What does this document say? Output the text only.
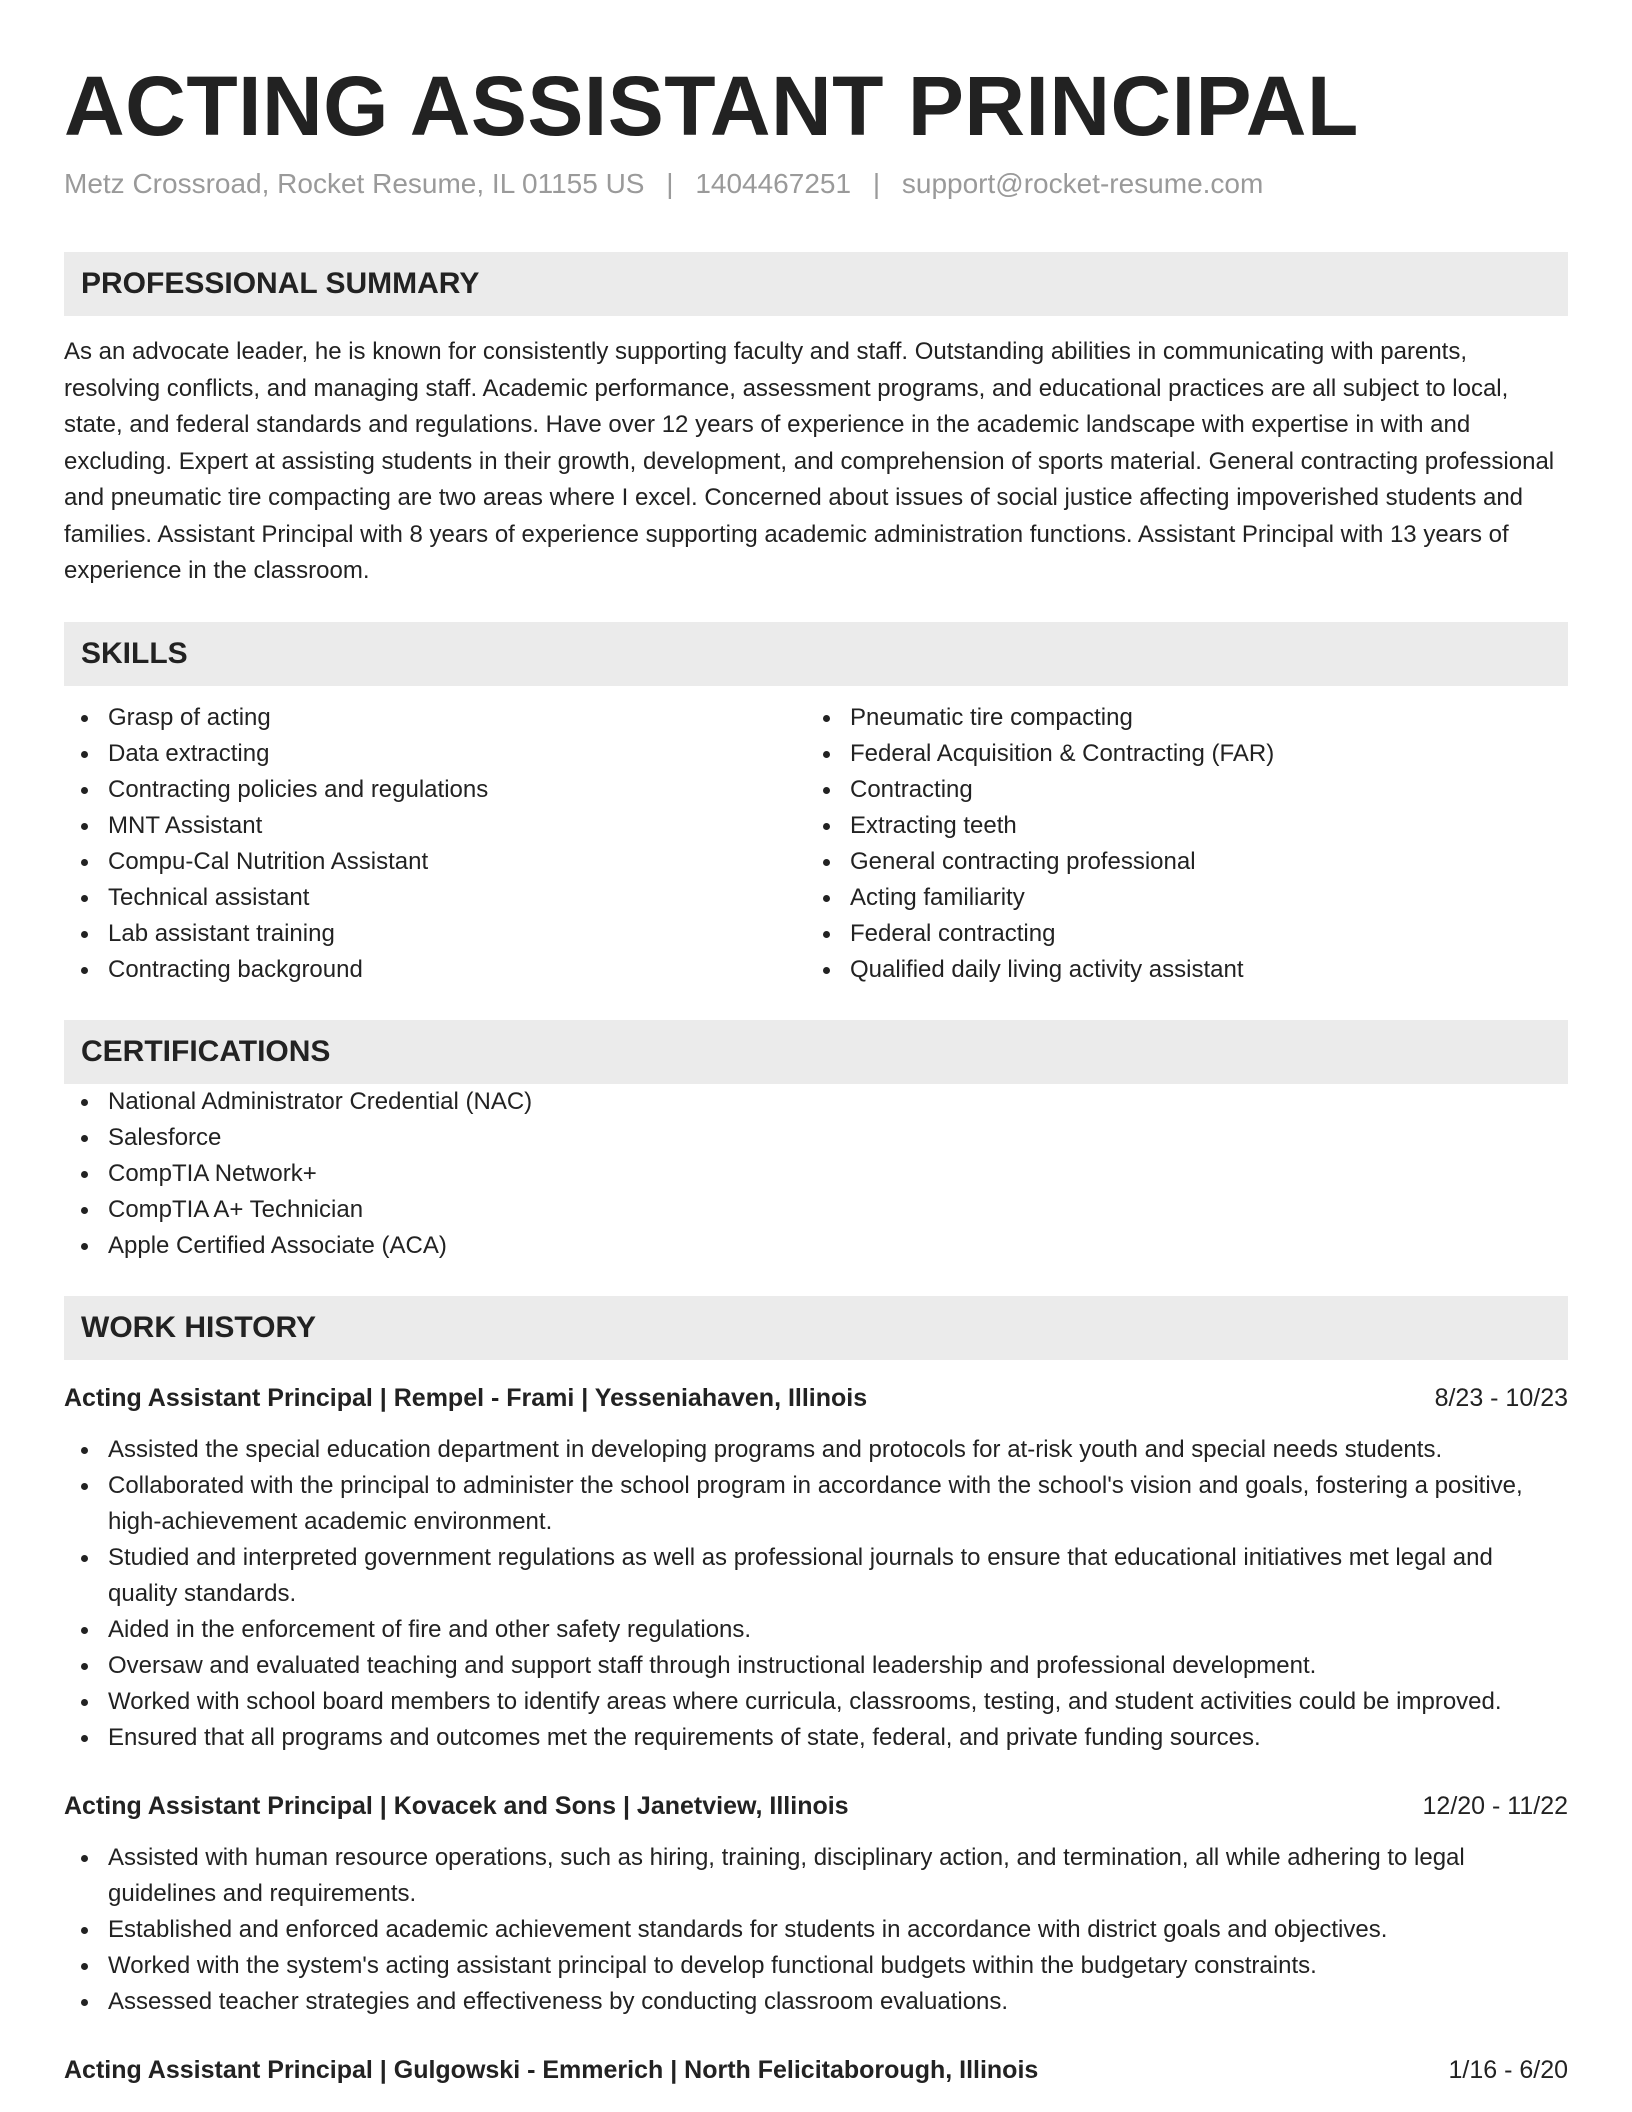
ACTING ASSISTANT PRINCIPAL
Metz Crossroad, Rocket Resume, IL 01155 US | 1404467251 | support@rocket-resume.com
PROFESSIONAL SUMMARY

As an advocate leader, he is known for consistently supporting faculty and staff. Outstanding abilities in communicating with parents, resolving conflicts, and managing staff. Academic performance, assessment programs, and educational practices are all subject to local, state, and federal standards and regulations. Have over 12 years of experience in the academic landscape with expertise in with and excluding. Expert at assisting students in their growth, development, and comprehension of sports material. General contracting professional and pneumatic tire compacting are two areas where I excel. Concerned about issues of social justice affecting impoverished students and families. Assistant Principal with 8 years of experience supporting academic administration functions. Assistant Principal with 13 years of experience in the classroom.

SKILLS
Grasp of acting
Data extracting
Contracting policies and regulations
MNT Assistant
Compu-Cal Nutrition Assistant
Technical assistant
Lab assistant training
Contracting background
Pneumatic tire compacting
Federal Acquisition & Contracting (FAR)
Contracting
Extracting teeth
General contracting professional
Acting familiarity
Federal contracting
Qualified daily living activity assistant
CERTIFICATIONS
National Administrator Credential (NAC)
Salesforce
CompTIA Network+
CompTIA A+ Technician
Apple Certified Associate (ACA)
WORK HISTORY
Acting Assistant Principal | Rempel - Frami | Yesseniahaven, Illinois	8/23 - 10/23
Assisted the special education department in developing programs and protocols for at-risk youth and special needs students.
Collaborated with the principal to administer the school program in accordance with the school's vision and goals, fostering a positive, high-achievement academic environment.
Studied and interpreted government regulations as well as professional journals to ensure that educational initiatives met legal and quality standards.
Aided in the enforcement of fire and other safety regulations.
Oversaw and evaluated teaching and support staff through instructional leadership and professional development.
Worked with school board members to identify areas where curricula, classrooms, testing, and student activities could be improved.
Ensured that all programs and outcomes met the requirements of state, federal, and private funding sources.
Acting Assistant Principal | Kovacek and Sons | Janetview, Illinois	12/20 - 11/22
Assisted with human resource operations, such as hiring, training, disciplinary action, and termination, all while adhering to legal guidelines and requirements.
Established and enforced academic achievement standards for students in accordance with district goals and objectives.
Worked with the system's acting assistant principal to develop functional budgets within the budgetary constraints.
Assessed teacher strategies and effectiveness by conducting classroom evaluations.
Acting Assistant Principal | Gulgowski - Emmerich | North Felicitaborough, Illinois	1/16 - 6/20
